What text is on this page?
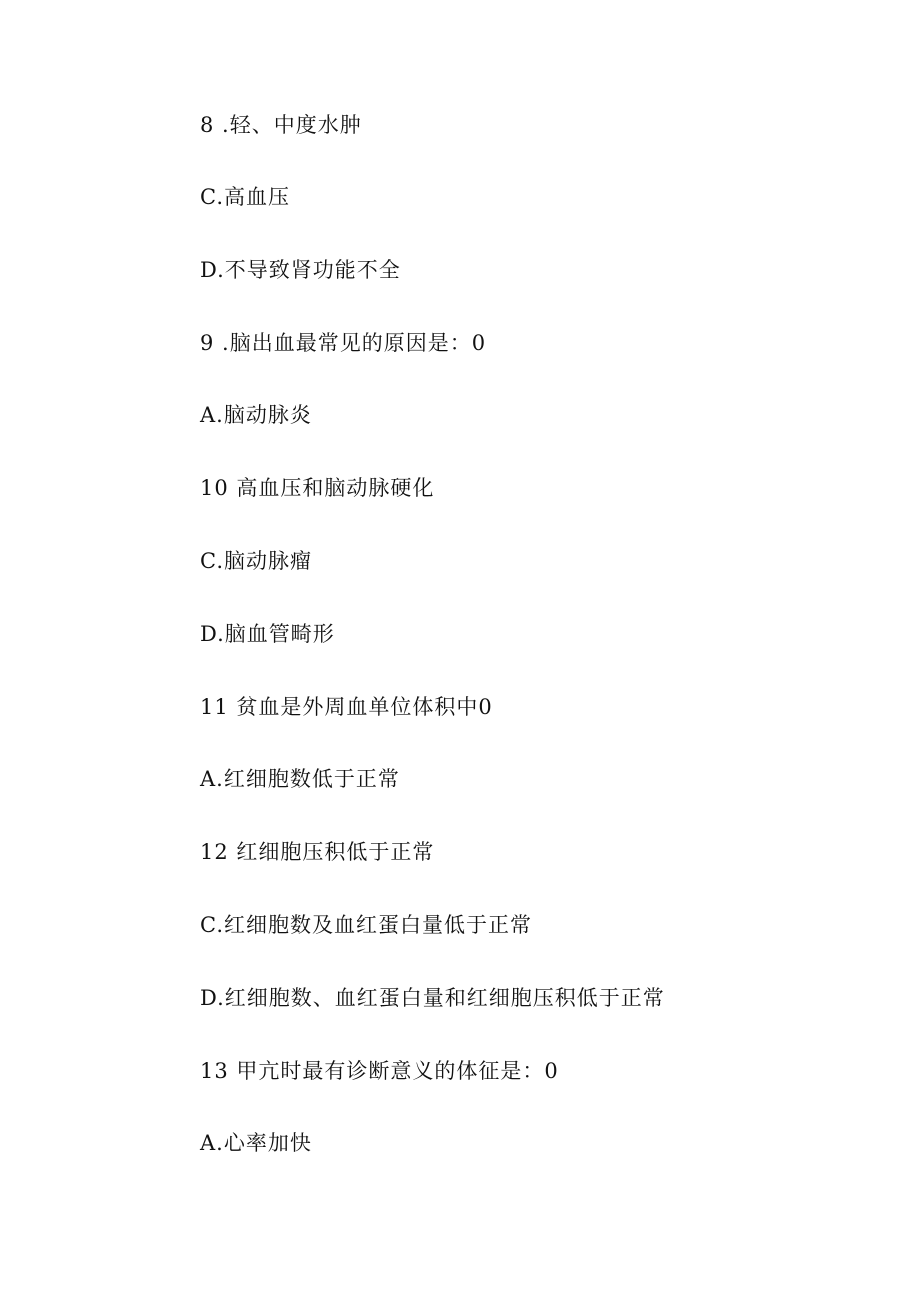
8 .轻、中度水肿
C.高血压
D.不导致肾功能不全
9 .脑出血最常见的原因是：0
A.脑动脉炎
10 高血压和脑动脉硬化
C.脑动脉瘤
D.脑血管畸形
11 贫血是外周血单位体积中0
A.红细胞数低于正常
12 红细胞压积低于正常
C.红细胞数及血红蛋白量低于正常
D.红细胞数、血红蛋白量和红细胞压积低于正常
13 甲亢时最有诊断意义的体征是：0
A.心率加快
